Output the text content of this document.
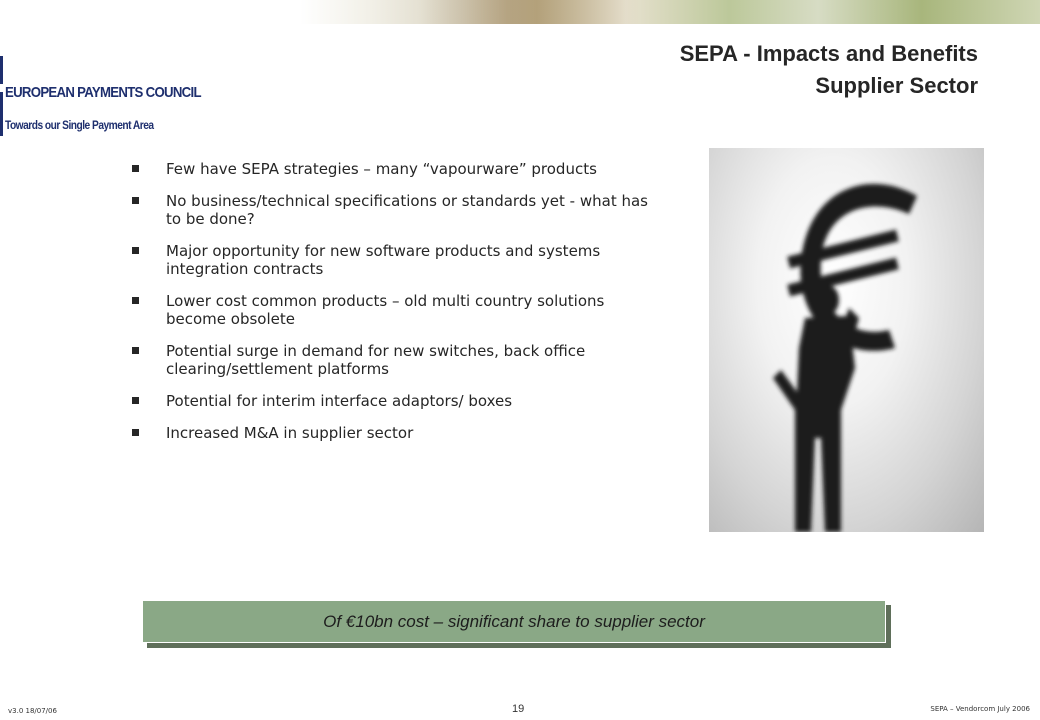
EUROPEAN PAYMENTS COUNCIL
Towards our Single Payment Area
SEPA - Impacts and Benefits
Supplier Sector
Few have SEPA strategies – many “vapourware” products
No business/technical specifications or standards yet - what has to be done?
Major opportunity for new software products and systems integration contracts
Lower cost common products – old multi country solutions become obsolete
Potential surge in demand for new switches, back office clearing/settlement platforms
Potential for interim interface adaptors/ boxes
Increased M&A in supplier sector
Of €10bn cost – significant share to supplier sector
v3.0 18/07/06	19	SEPA – Vendorcom July 2006
